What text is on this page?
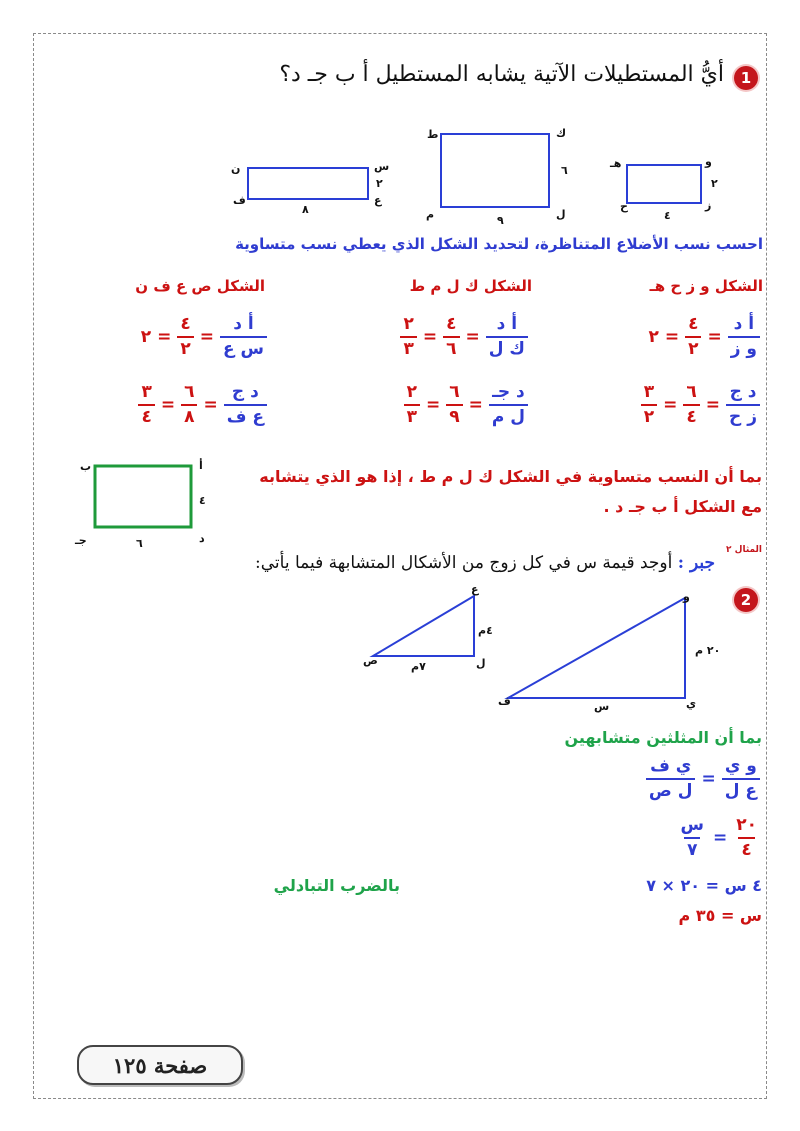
1
أيُّ المستطيلات الآتية يشابه المستطيل أ ب جـ د؟
و
هـ
٢
ز
ح
٤
ك
ط
٦
ل
م	٩
س
ن
٢
ع
ف
٨
احسب نسب الأضلاع المتناظرة، لتحديد الشكل الذي يعطي نسب متساوية
الشكل و ز ح هـ
الشكل ك ل م ط
الشكل ص ع ف ن
$\frac{\text{أ د}}{\text{و ز}}$
=
$\frac{٤}{٢}$
=
٢
$\frac{\text{أ د}}{\text{ك ل}}$
=
$\frac{٤}{٦}$
=
$\frac{٢}{٣}$
$\frac{\text{أ د}}{\text{س ع}}$
=
$\frac{٤}{٢}$
=
٢
$\frac{\text{د ج}}{\text{ز ح}}$
=
$\frac{٦}{٤}$
=
$\frac{٣}{٢}$
$\frac{\text{د جـ}}{\text{ل م}}$
=
$\frac{٦}{٩}$
=
$\frac{٢}{٣}$
$\frac{\text{د ج}}{\text{ع ف}}$
=
$\frac{٦}{٨}$
=
$\frac{٣}{٤}$
بما أن النسب متساوية في الشكل ك ل م ط ، إذا هو الذي يتشابه مع الشكل أ ب جـ د .
أ
ب
٤
د
جـ	٦	المثال ٢
جبر : أوجد قيمة س في كل زوج من الأشكال المتشابهة فيما يأتي:
2
ع
٤م
ل
ص	٧م
و
٢٠ م
ي
ف	س
بما أن المثلثين متشابهين
$\frac{\text{و ي}}{\text{ع ل}}$
=
$\frac{\text{ي ف}}{\text{ل ص}}$
$\frac{٢٠}{٤}$
=
$\frac{\text{س}}{٧}$
٤ س = ٢٠ × ٧
بالضرب التبادلي
س = ٣٥ م
صفحة ١٢٥
